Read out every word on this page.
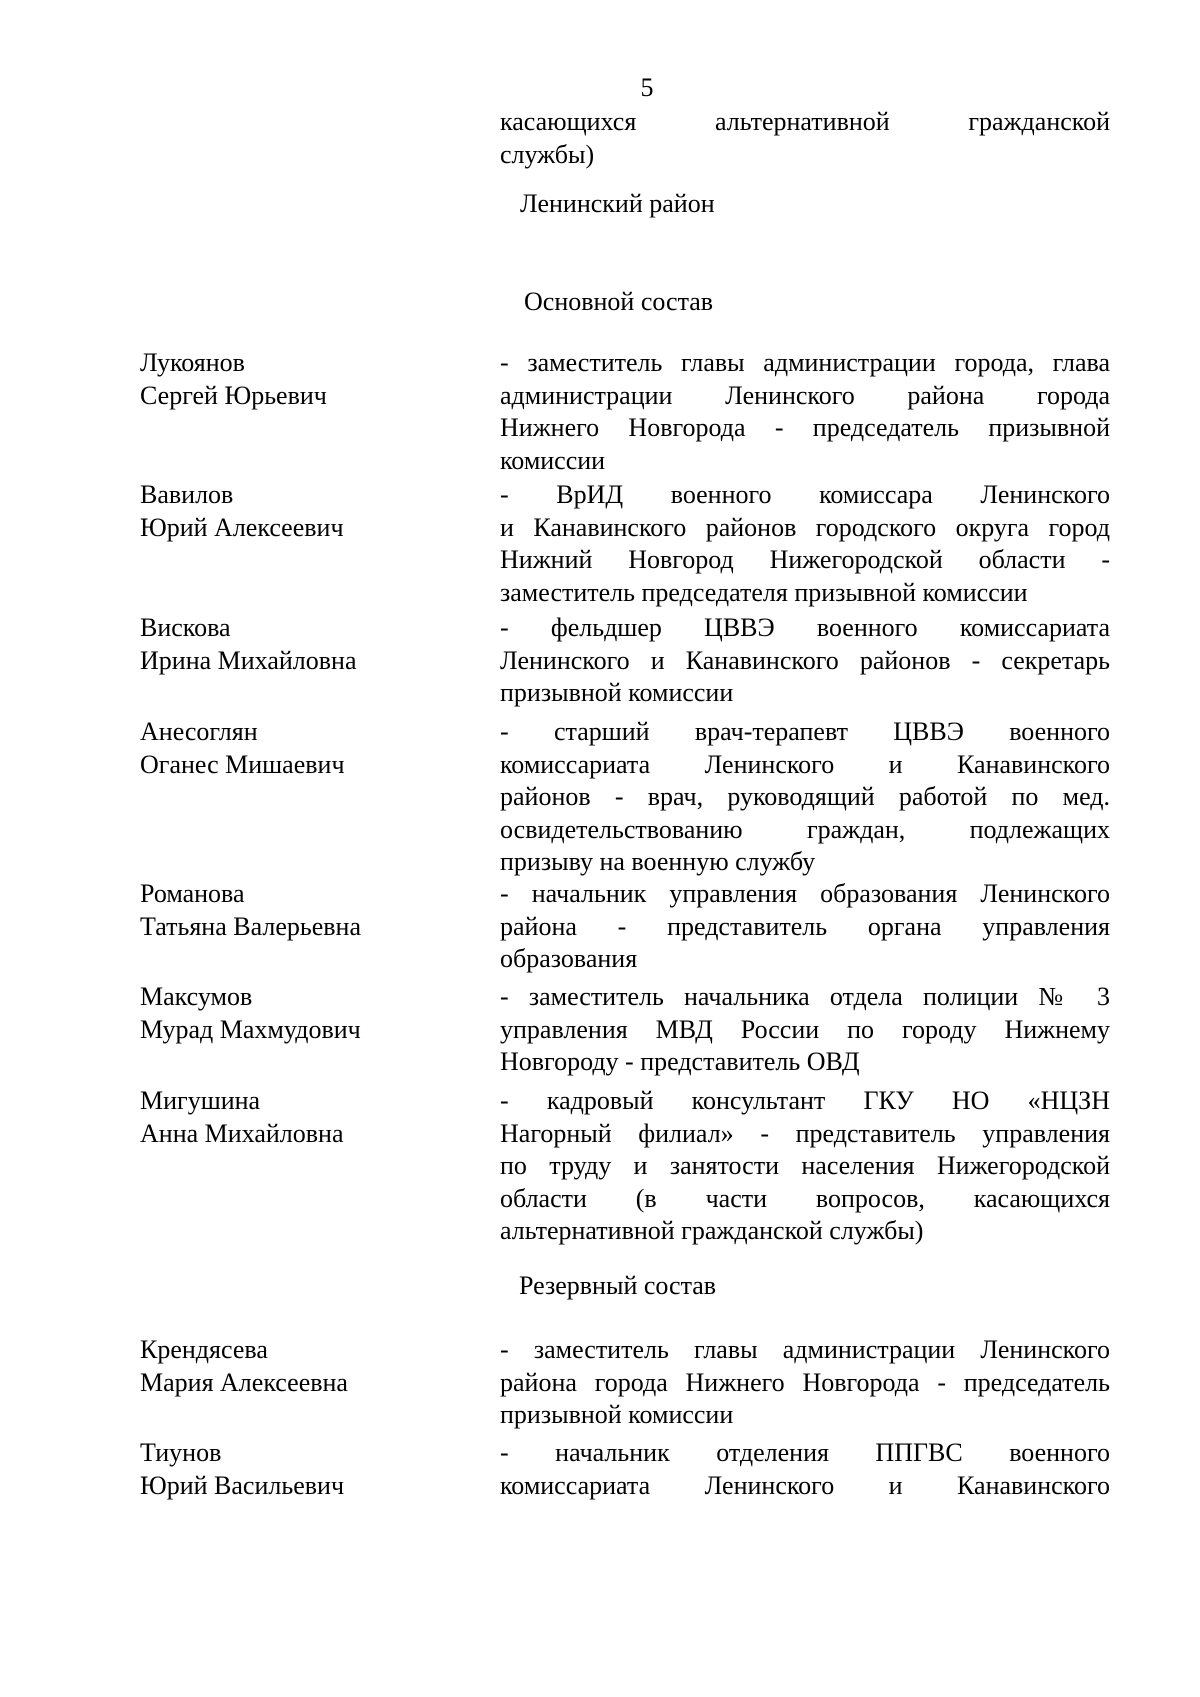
5
касающихся альтернативной гражданской
службы)
Ленинский район
Основной состав
Лукоянов
Сергей Юрьевич
- заместитель главы администрации города, глава
администрации Ленинского района города
Нижнего Новгорода - председатель призывной
комиссии
Вавилов
Юрий Алексеевич
- ВрИД военного комиссара Ленинского
и Канавинского районов городского округа город
Нижний Новгород Нижегородской области -
заместитель председателя призывной комиссии
Вискова
Ирина Михайловна
- фельдшер ЦВВЭ военного комиссариата
Ленинского и Канавинского районов - секретарь
призывной комиссии
Анесоглян
Оганес Мишаевич
- старший врач-терапевт ЦВВЭ военного
комиссариата Ленинского и Канавинского
районов - врач, руководящий работой по мед.
освидетельствованию граждан, подлежащих
призыву на военную службу
Романова
Татьяна Валерьевна
- начальник управления образования Ленинского
района - представитель органа управления
образования
Максумов
Мурад Махмудович
- заместитель начальника отдела полиции № 3
управления МВД России по городу Нижнему
Новгороду - представитель ОВД
Мигушина
Анна Михайловна
- кадровый консультант ГКУ НО «НЦЗН
Нагорный филиал» - представитель управления
по труду и занятости населения Нижегородской
области (в части вопросов, касающихся
альтернативной гражданской службы)
Резервный состав
Крендясева
Мария Алексеевна
- заместитель главы администрации Ленинского
района города Нижнего Новгорода - председатель
призывной комиссии
Тиунов
Юрий Васильевич
- начальник отделения ППГВС военного
комиссариата Ленинского и Канавинского
